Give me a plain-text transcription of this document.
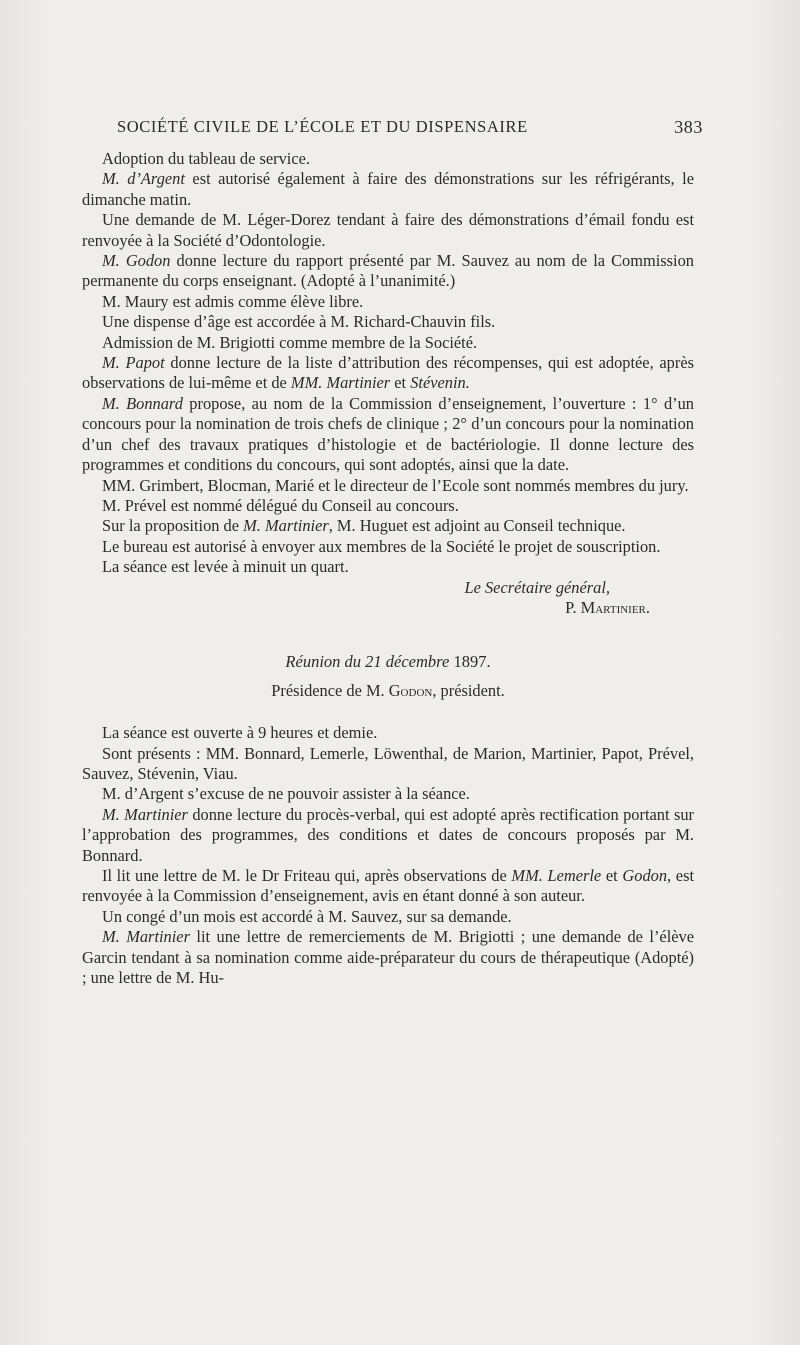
SOCIÉTÉ CIVILE DE L’ÉCOLE ET DU DISPENSAIRE	383

Adoption du tableau de service.

M. d’Argent est autorisé également à faire des démonstrations sur les réfrigérants, le dimanche matin.

Une demande de M. Léger-Dorez tendant à faire des démonstrations d’émail fondu est renvoyée à la Société d’Odontologie.

M. Godon donne lecture du rapport présenté par M. Sauvez au nom de la Commission permanente du corps enseignant. (Adopté à l’unanimité.)

M. Maury est admis comme élève libre.

Une dispense d’âge est accordée à M. Richard-Chauvin fils.

Admission de M. Brigiotti comme membre de la Société.

M. Papot donne lecture de la liste d’attribution des récompenses, qui est adoptée, après observations de lui-même et de MM. Martinier et Stévenin.

M. Bonnard propose, au nom de la Commission d’enseignement, l’ouverture : 1° d’un concours pour la nomination de trois chefs de clinique ; 2° d’un concours pour la nomination d’un chef des travaux pratiques d’histologie et de bactériologie. Il donne lecture des programmes et conditions du concours, qui sont adoptés, ainsi que la date.

MM. Grimbert, Blocman, Marié et le directeur de l’Ecole sont nommés membres du jury.

M. Prével est nommé délégué du Conseil au concours.

Sur la proposition de M. Martinier, M. Huguet est adjoint au Conseil technique.

Le bureau est autorisé à envoyer aux membres de la Société le projet de souscription.

La séance est levée à minuit un quart.

Le Secrétaire général,
P. Martinier.
Réunion du 21 décembre 1897.
Présidence de M. Godon, président.

La séance est ouverte à 9 heures et demie.

Sont présents : MM. Bonnard, Lemerle, Löwenthal, de Marion, Martinier, Papot, Prével, Sauvez, Stévenin, Viau.

M. d’Argent s’excuse de ne pouvoir assister à la séance.

M. Martinier donne lecture du procès-verbal, qui est adopté après rectification portant sur l’approbation des programmes, des conditions et dates de concours proposés par M. Bonnard.

Il lit une lettre de M. le Dr Friteau qui, après observations de MM. Lemerle et Godon, est renvoyée à la Commission d’enseignement, avis en étant donné à son auteur.

Un congé d’un mois est accordé à M. Sauvez, sur sa demande.

M. Martinier lit une lettre de remerciements de M. Brigiotti ; une demande de l’élève Garcin tendant à sa nomination comme aide-préparateur du cours de thérapeutique (Adopté) ; une lettre de M. Hu-
